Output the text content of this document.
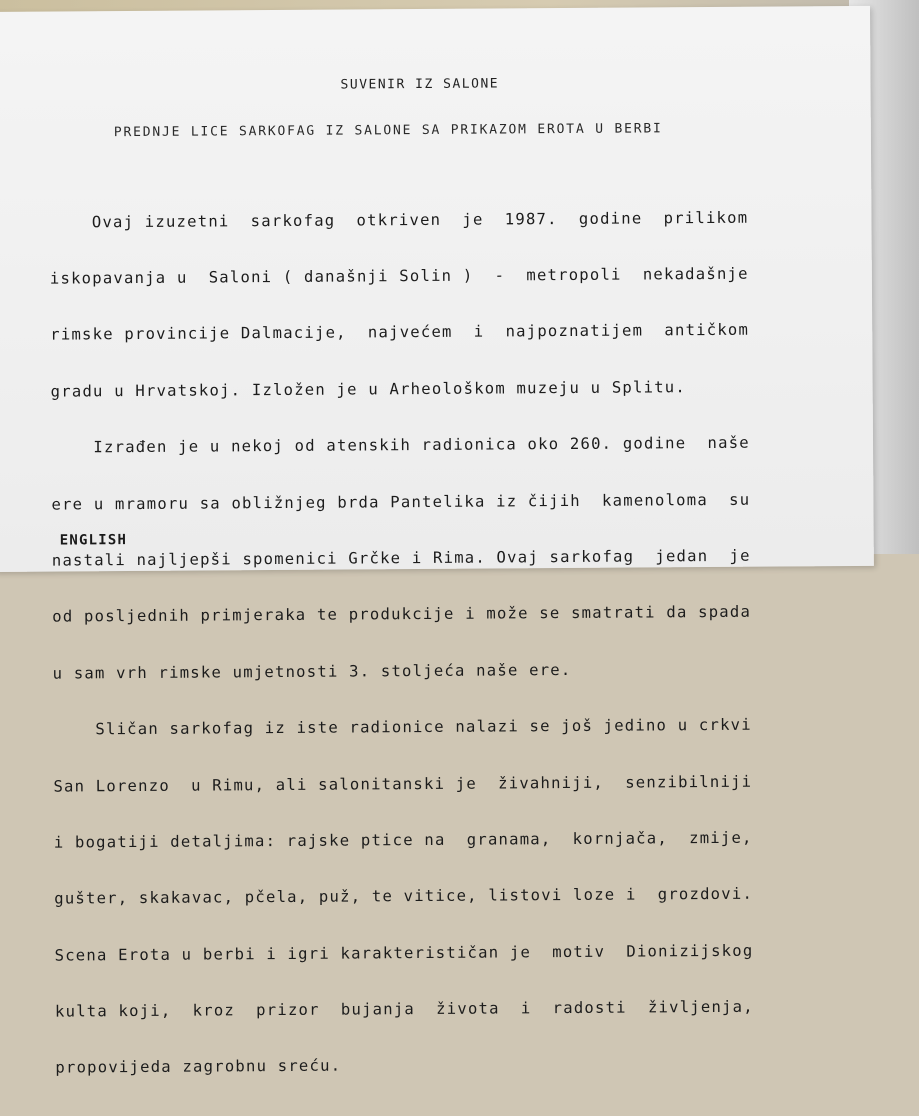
SUVENIR IZ SALONE
PREDNJE LICE SARKOFAG IZ SALONE SA PRIKAZOM EROTA U BERBI

Ovaj izuzetni  sarkofag  otkriven  je  1987.  godine  prilikom

iskopavanja u  Saloni ( današnji Solin )  -  metropoli  nekadašnje

rimske provincije Dalmacije,  najvećem  i  najpoznatijem  antičkom

gradu u Hrvatskoj. Izložen je u Arheološkom muzeju u Splitu.

Izrađen je u nekoj od atenskih radionica oko 260. godine  naše

ere u mramoru sa obližnjeg brda Pantelika iz čijih  kamenoloma  su

nastali najljepši spomenici Grčke i Rima. Ovaj sarkofag  jedan  je

od posljednih primjeraka te produkcije i može se smatrati da spada

u sam vrh rimske umjetnosti 3. stoljeća naše ere.

Sličan sarkofag iz iste radionice nalazi se još jedino u crkvi

San Lorenzo  u Rimu, ali salonitanski je  živahniji,  senzibilniji

i bogatiji detaljima: rajske ptice na  granama,  kornjača,  zmije,

gušter, skakavac, pčela, puž, te vitice, listovi loze i  grozdovi.

Scena Erota u berbi i igri karakterističan je  motiv  Dionizijskog

kulta koji,  kroz  prizor  bujanja  života  i  radosti  življenja,

propovijeda zagrobnu sreću.

ENGLISH
